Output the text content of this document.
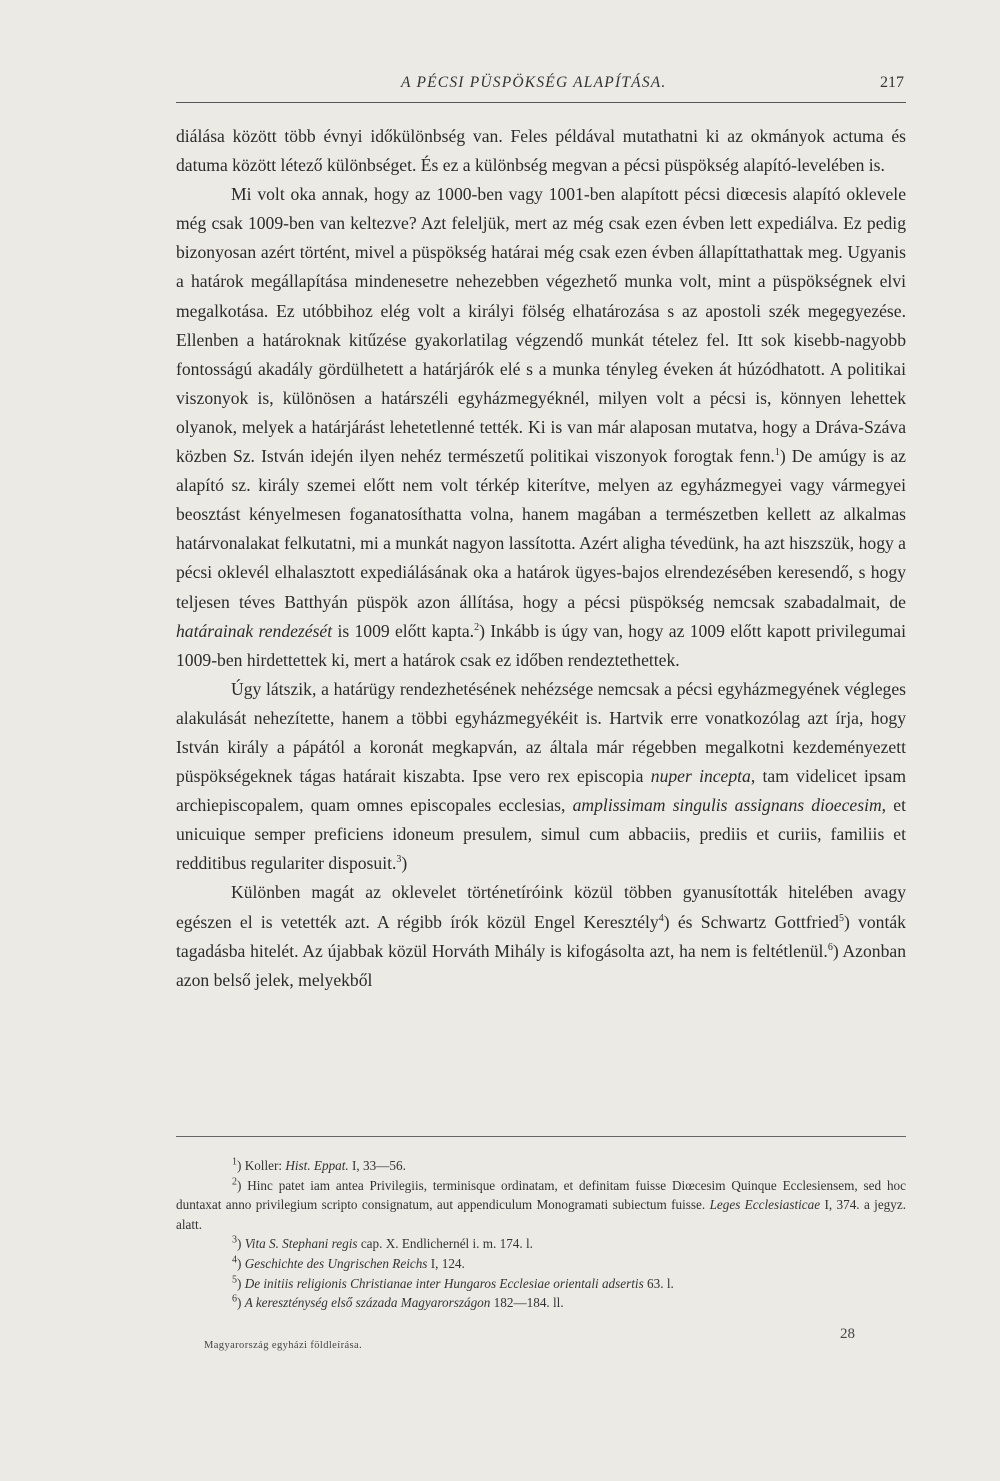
A PÉCSI PÜSPÖKSÉG ALAPÍTÁSA.	217

diálása között több évnyi időkülönbség van. Feles példával mutathatni ki az okmányok actuma és datuma között létező különbséget. És ez a különbség megvan a pécsi püspökség alapító-levelében is.

Mi volt oka annak, hogy az 1000-ben vagy 1001-ben alapított pécsi diœcesis alapító oklevele még csak 1009-ben van keltezve? Azt feleljük, mert az még csak ezen évben lett expediálva. Ez pedig bizonyosan azért történt, mivel a püspökség határai még csak ezen évben állapíttathattak meg. Ugyanis a határok megállapítása mindenesetre nehezebben végezhető munka volt, mint a püspökségnek elvi megalkotása. Ez utóbbihoz elég volt a királyi fölség elhatározása s az apostoli szék megegyezése. Ellenben a határoknak kitűzése gyakorlatilag végzendő munkát tételez fel. Itt sok kisebb-nagyobb fontosságú akadály gördülhetett a határjárók elé s a munka tényleg éveken át húzódhatott. A politikai viszonyok is, különösen a határszéli egyházmegyéknél, milyen volt a pécsi is, könnyen lehettek olyanok, melyek a határjárást lehetetlenné tették. Ki is van már alaposan mutatva, hogy a Dráva-Száva közben Sz. István idején ilyen nehéz természetű politikai viszonyok forogtak fenn.$^1$) De amúgy is az alapító sz. király szemei előtt nem volt térkép kiterítve, melyen az egyházmegyei vagy vármegyei beosztást kényelmesen foganatosíthatta volna, hanem magában a természetben kellett az alkalmas határvonalakat felkutatni, mi a munkát nagyon lassította. Azért aligha tévedünk, ha azt hiszszük, hogy a pécsi oklevél elhalasztott expediálásának oka a határok ügyes-bajos elrendezésében keresendő, s hogy teljesen téves Batthyán püspök azon állítása, hogy a pécsi püspökség nemcsak szabadalmait, de határainak rendezését is 1009 előtt kapta.$^2$) Inkább is úgy van, hogy az 1009 előtt kapott privilegumai 1009-ben hirdettettek ki, mert a határok csak ez időben rendeztethettek.

Úgy látszik, a határügy rendezhetésének nehézsége nemcsak a pécsi egyházmegyének végleges alakulását nehezítette, hanem a többi egyházmegyékéit is. Hartvik erre vonatkozólag azt írja, hogy István király a pápától a koronát megkapván, az általa már régebben megalkotni kezdeményezett püspökségeknek tágas határait kiszabta. Ipse vero rex episcopia nuper incepta, tam videlicet ipsam archiepiscopalem, quam omnes episcopales ecclesias, amplissimam singulis assignans dioecesim, et unicuique semper preficiens idoneum presulem, simul cum abbaciis, prediis et curiis, familiis et redditibus regulariter disposuit.$^3$)

Különben magát az oklevelet történetíróink közül többen gyanusították hitelében avagy egészen el is vetették azt. A régibb írók közül Engel Keresztély$^4$) és Schwartz Gottfried$^5$) vonták tagadásba hitelét. Az újabbak közül Horváth Mihály is kifogásolta azt, ha nem is feltétlenül.$^6$) Azonban azon belső jelek, melyekből

$^1$) Koller: Hist. Eppat. I, 33—56.

$^2$) Hinc patet iam antea Privilegiis, terminisque ordinatam, et definitam fuisse Diœcesim Quinque Ecclesiensem, sed hoc duntaxat anno privilegium scripto consignatum, aut appendiculum Monogramati subiectum fuisse. Leges Ecclesiasticae I, 374. a jegyz. alatt.

$^3$) Vita S. Stephani regis cap. X. Endlichernél i. m. 174. l.

$^4$) Geschichte des Ungrischen Reichs I, 124.

$^5$) De initiis religionis Christianae inter Hungaros Ecclesiae orientali adsertis 63. l.

$^6$) A kereszténység első százada Magyarországon 182—184. ll.

Magyarország egyházi földleírása.
28
